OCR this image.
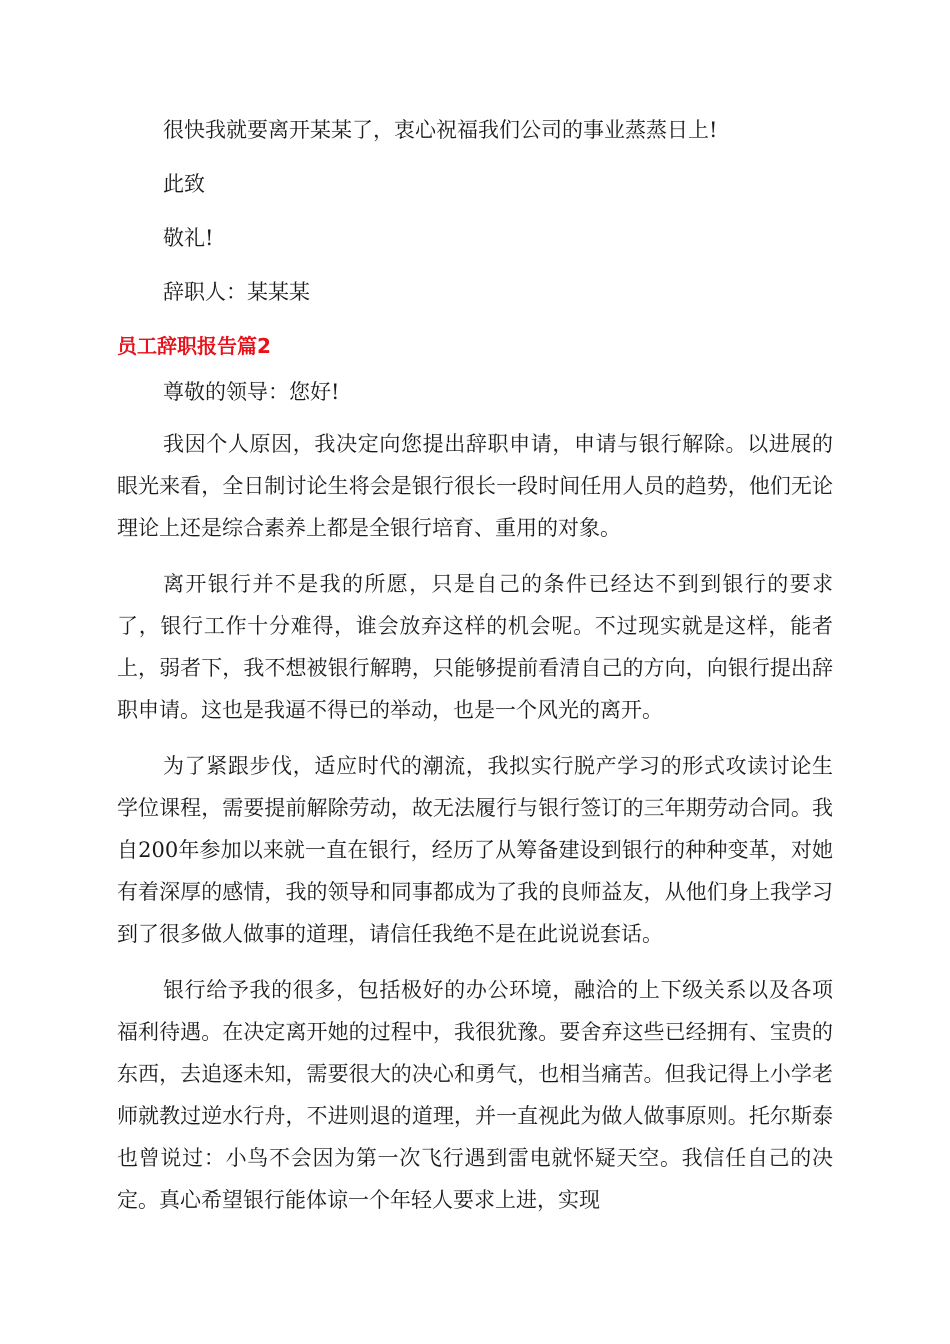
很快我就要离开某某了，衷心祝福我们公司的事业蒸蒸日上!
此致
敬礼!
辞职人：某某某
员工辞职报告篇2
尊敬的领导：您好!

我因个人原因，我决定向您提出辞职申请，申请与银行解除。以进展的眼光来看，全日制讨论生将会是银行很长一段时间任用人员的趋势，他们无论理论上还是综合素养上都是全银行培育、重用的对象。

离开银行并不是我的所愿，只是自己的条件已经达不到到银行的要求了，银行工作十分难得，谁会放弃这样的机会呢。不过现实就是这样，能者上，弱者下，我不想被银行解聘，只能够提前看清自己的方向，向银行提出辞职申请。这也是我逼不得已的举动，也是一个风光的离开。

为了紧跟步伐，适应时代的潮流，我拟实行脱产学习的形式攻读讨论生学位课程，需要提前解除劳动，故无法履行与银行签订的三年期劳动合同。我自200年参加以来就一直在银行，经历了从筹备建设到银行的种种变革，对她有着深厚的感情，我的领导和同事都成为了我的良师益友，从他们身上我学习到了很多做人做事的道理，请信任我绝不是在此说说套话。

银行给予我的很多，包括极好的办公环境，融洽的上下级关系以及各项福利待遇。在决定离开她的过程中，我很犹豫。要舍弃这些已经拥有、宝贵的东西，去追逐未知，需要很大的决心和勇气，也相当痛苦。但我记得上小学老师就教过逆水行舟，不进则退的道理，并一直视此为做人做事原则。托尔斯泰也曾说过：小鸟不会因为第一次飞行遇到雷电就怀疑天空。我信任自己的决定。真心希望银行能体谅一个年轻人要求上进，实现
